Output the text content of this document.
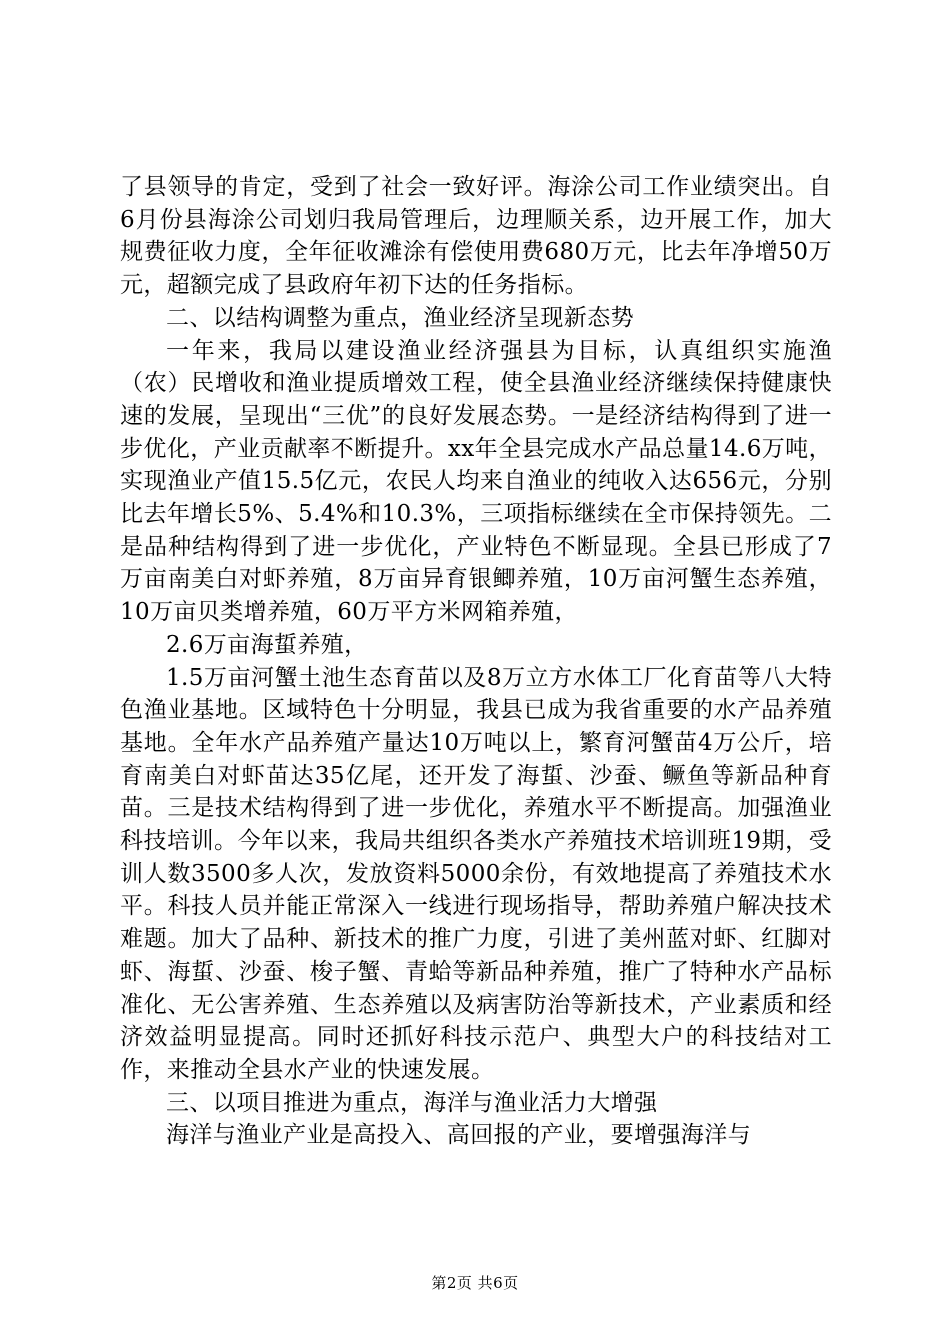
了县领导的肯定，受到了社会一致好评。海涂公司工作业绩突出。自6月份县海涂公司划归我局管理后，边理顺关系，边开展工作，加大规费征收力度，全年征收滩涂有偿使用费680万元，比去年净增50万元，超额完成了县政府年初下达的任务指标。

二、以结构调整为重点，渔业经济呈现新态势

一年来，我局以建设渔业经济强县为目标，认真组织实施渔（农）民增收和渔业提质增效工程，使全县渔业经济继续保持健康快速的发展，呈现出“三优”的良好发展态势。一是经济结构得到了进一步优化，产业贡献率不断提升。xx年全县完成水产品总量14.6万吨，实现渔业产值15.5亿元，农民人均来自渔业的纯收入达656元，分别比去年增长5%、5.4%和10.3%，三项指标继续在全市保持领先。二是品种结构得到了进一步优化，产业特色不断显现。全县已形成了7万亩南美白对虾养殖，8万亩异育银鲫养殖，10万亩河蟹生态养殖，10万亩贝类增养殖，60万平方米网箱养殖，

2.6万亩海蜇养殖，

1.5万亩河蟹土池生态育苗以及8万立方水体工厂化育苗等八大特色渔业基地。区域特色十分明显，我县已成为我省重要的水产品养殖基地。全年水产品养殖产量达10万吨以上，繁育河蟹苗4万公斤，培育南美白对虾苗达35亿尾，还开发了海蜇、沙蚕、鳜鱼等新品种育苗。三是技术结构得到了进一步优化，养殖水平不断提高。加强渔业科技培训。今年以来，我局共组织各类水产养殖技术培训班19期，受训人数3500多人次，发放资料5000余份，有效地提高了养殖技术水平。科技人员并能正常深入一线进行现场指导，帮助养殖户解决技术难题。加大了品种、新技术的推广力度，引进了美州蓝对虾、红脚对虾、海蜇、沙蚕、梭子蟹、青蛤等新品种养殖，推广了特种水产品标准化、无公害养殖、生态养殖以及病害防治等新技术，产业素质和经济效益明显提高。同时还抓好科技示范户、典型大户的科技结对工作，来推动全县水产业的快速发展。

三、以项目推进为重点，海洋与渔业活力大增强

海洋与渔业产业是高投入、高回报的产业，要增强海洋与

第2页 共6页
